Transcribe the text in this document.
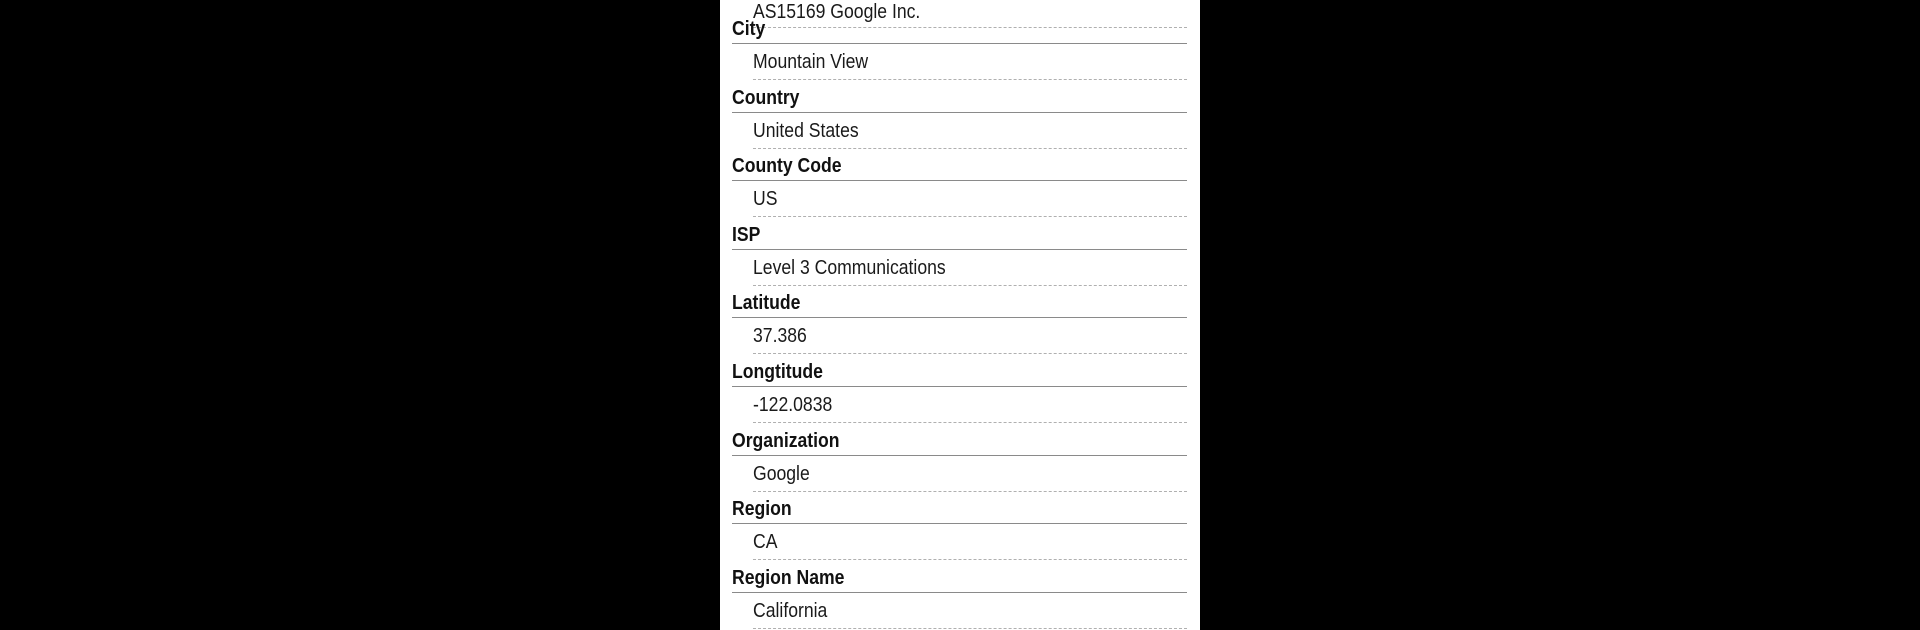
AS15169 Google Inc.
City
Mountain View
Country
United States
County Code
US
ISP
Level 3 Communications
Latitude
37.386
Longtitude
-122.0838
Organization
Google
Region
CA
Region Name
California
